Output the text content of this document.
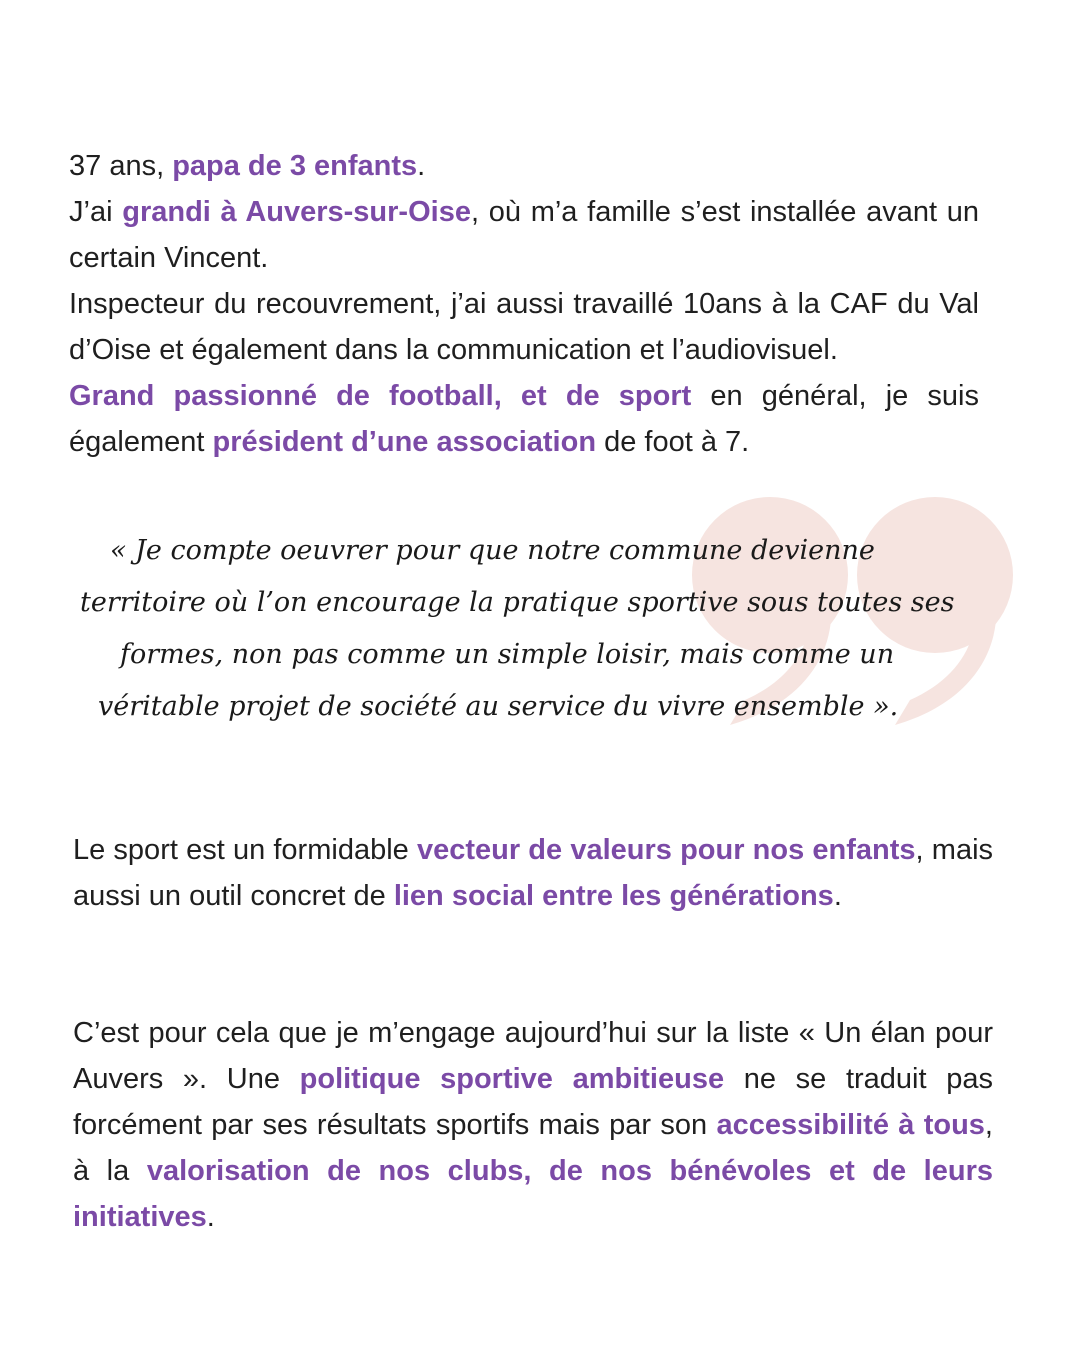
37 ans, papa de 3 enfants.
J’ai grandi à Auvers-sur-Oise, où m’a famille s’est installée avant un certain Vincent.
Inspecteur du recouvrement, j’ai aussi travaillé 10ans à la CAF du Val d’Oise et également dans la communication et l’audiovisuel.
Grand passionné de football, et de sport en général, je suis également président d’une association de foot à 7.

« Je compte oeuvrer pour que notre commune devienne
territoire où l’on encourage la pratique sportive sous toutes ses
formes, non pas comme un simple loisir, mais comme un
véritable projet de société au service du vivre ensemble ».

Le sport est un formidable vecteur de valeurs pour nos enfants, mais aussi un outil concret de lien social entre les générations.

C’est pour cela que je m’engage aujourd’hui sur la liste « Un élan pour Auvers ». Une politique sportive ambitieuse ne se traduit pas forcément par ses résultats sportifs mais par son accessibilité à tous, à la valorisation de nos clubs, de nos bénévoles et de leurs initiatives.
